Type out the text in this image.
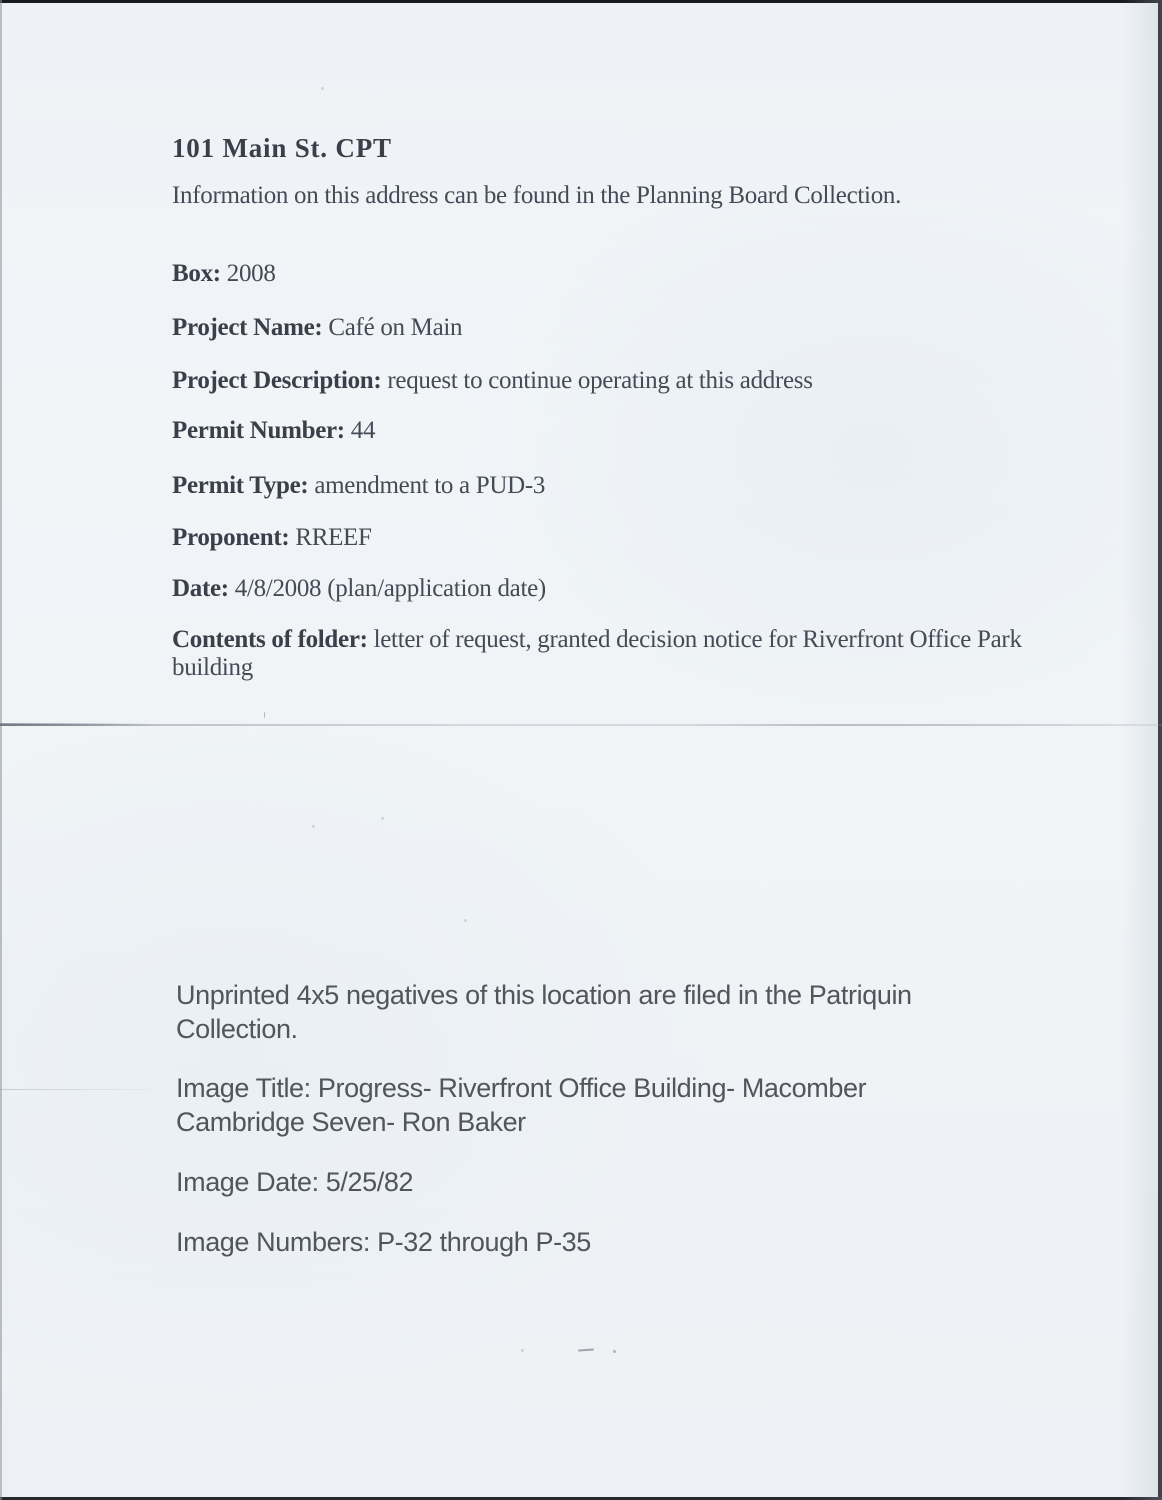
101 Main St. CPT
Information on this address can be found in the Planning Board Collection.

Box: 2008

Project Name: Café on Main

Project Description: request to continue operating at this address

Permit Number: 44

Permit Type: amendment to a PUD-3

Proponent: RREEF

Date: 4/8/2008 (plan/application date)

Contents of folder: letter of request, granted decision notice for Riverfront Office Park
building
Unprinted 4x5 negatives of this location are filed in the Patriquin
Collection.
Image Title: Progress- Riverfront Office Building- Macomber
Cambridge Seven- Ron Baker
Image Date: 5/25/82
Image Numbers: P-32 through P-35
